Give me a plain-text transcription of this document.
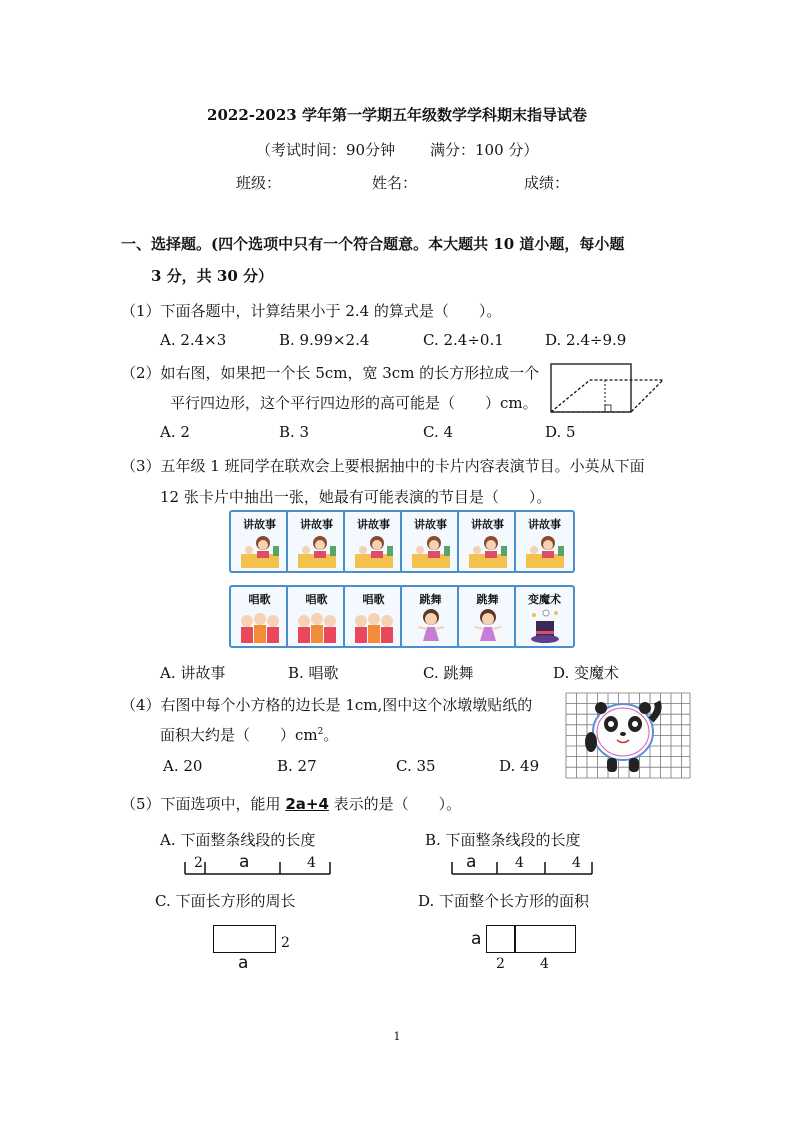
2022-2023 学年第一学期五年级数学学科期末指导试卷
（考试时间：90分钟 满分：100 分）
班级：	姓名：	成绩：
一、选择题。(四个选项中只有一个符合题意。本大题共 10 道小题，每小题
3 分，共 30 分）
（1）下面各题中，计算结果小于 2.4 的算式是（　　）。
A. 2.4×3	B. 9.99×2.4	C. 2.4÷0.1	D. 2.4÷9.9
（2）如右图，如果把一个长 5cm，宽 3cm 的长方形拉成一个
平行四边形，这个平行四边形的高可能是（　　）cm。
A. 2	B. 3	C. 4	D. 5
（3）五年级 1 班同学在联欢会上要根据抽中的卡片内容表演节目。小英从下面
12 张卡片中抽出一张，她最有可能表演的节目是（　　）。
讲故事	讲故事	讲故事	讲故事	讲故事	讲故事
唱歌	唱歌	唱歌	跳舞	跳舞	变魔术
A. 讲故事	B. 唱歌	C. 跳舞	D. 变魔术
（4）右图中每个小方格的边长是 1cm,图中这个冰墩墩贴纸的
面积大约是（　　）$cm^2$。
A. 20	B. 27	C. 35	D. 49
（5）下面选项中，能用 2a+4 表示的是（　　）。
A. 下面整条线段的长度	B. 下面整条线段的长度
2 a	4	a	4	4
C. 下面长方形的周长	D. 下面整个长方形的面积
2
a
a
2	4
1
